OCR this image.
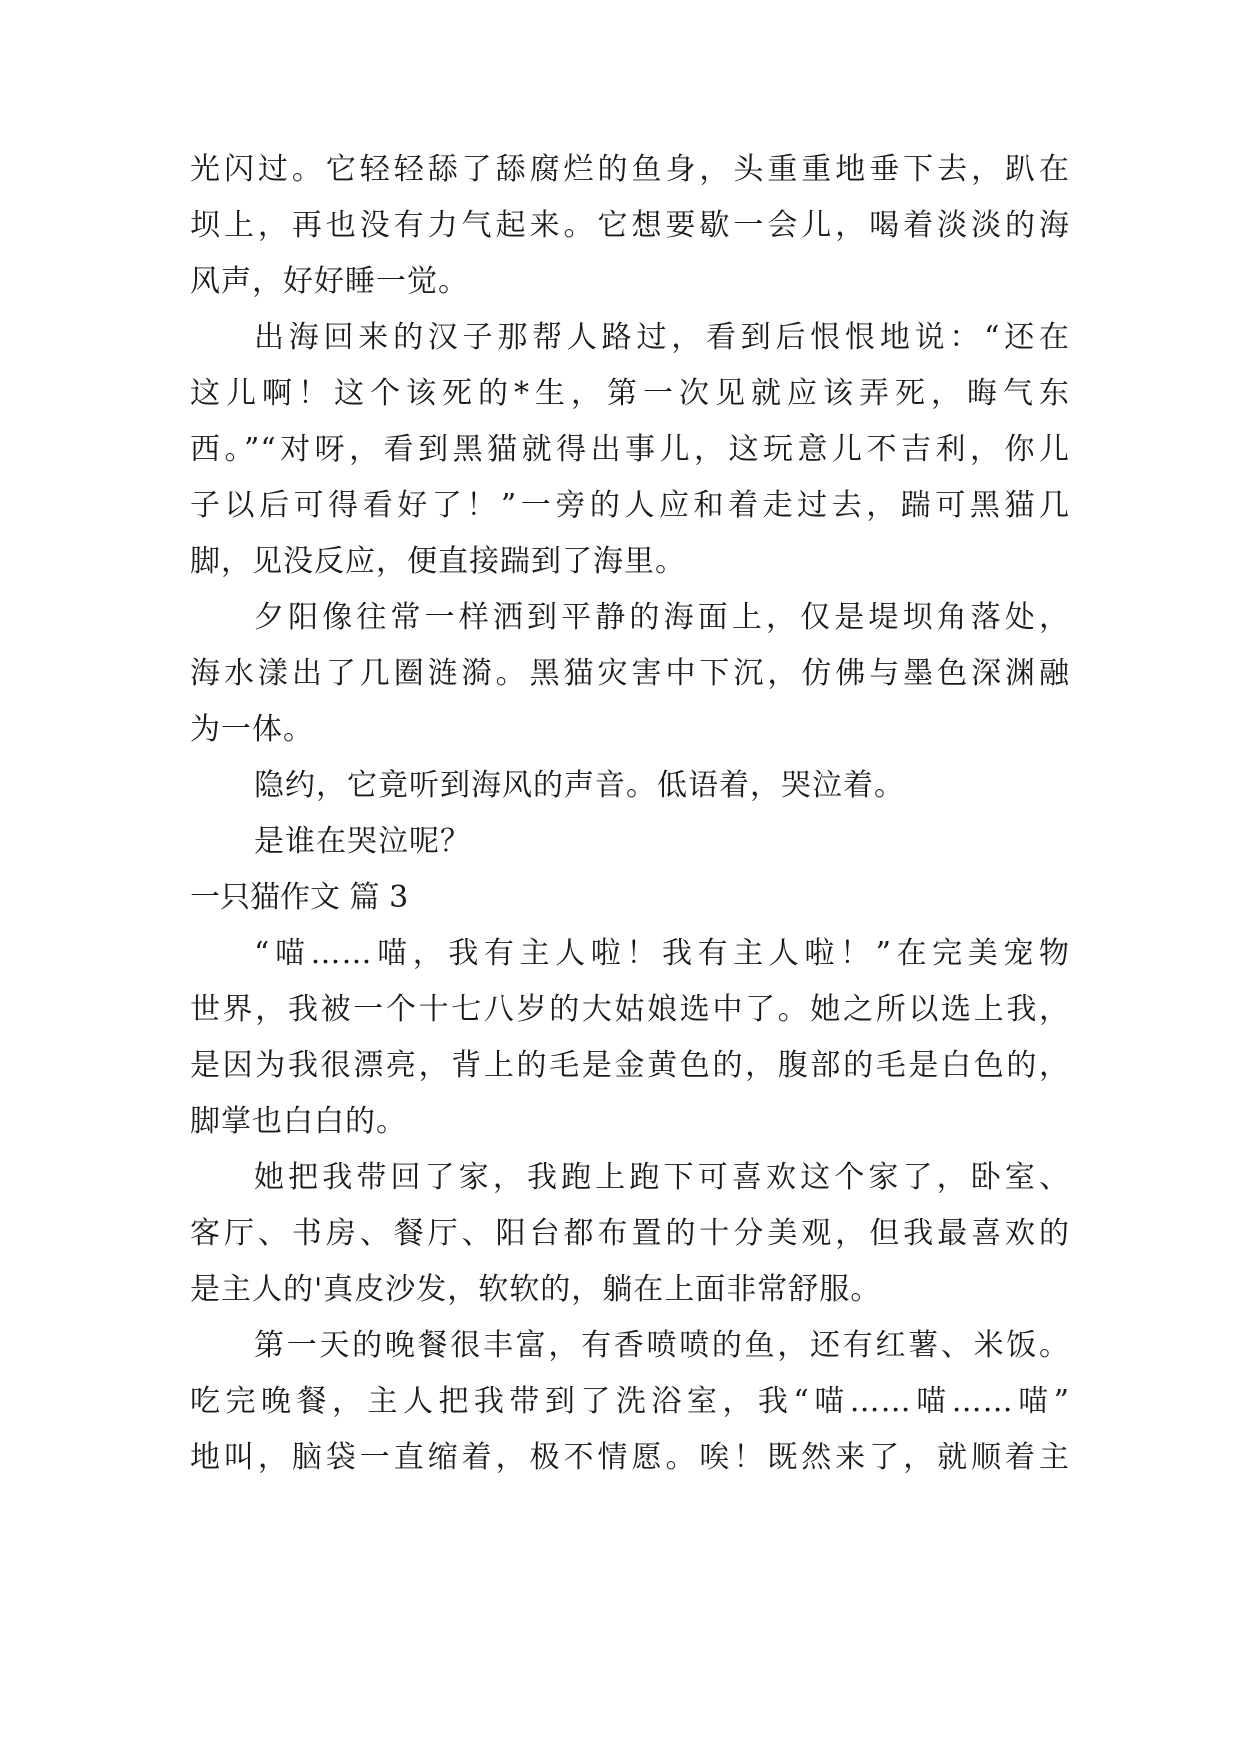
光闪过。它轻轻舔了舔腐烂的鱼身，头重重地垂下去，趴在
坝上，再也没有力气起来。它想要歇一会儿，喝着淡淡的海
风声，好好睡一觉。
出海回来的汉子那帮人路过，看到后恨恨地说：“还在
这儿啊！这个该死的*生，第一次见就应该弄死，晦气东
西。”“对呀，看到黑猫就得出事儿，这玩意儿不吉利，你儿
子以后可得看好了！”一旁的人应和着走过去，踹可黑猫几
脚，见没反应，便直接踹到了海里。
夕阳像往常一样洒到平静的海面上，仅是堤坝角落处，
海水漾出了几圈涟漪。黑猫灾害中下沉，仿佛与墨色深渊融
为一体。
隐约，它竟听到海风的声音。低语着，哭泣着。
是谁在哭泣呢？
一只猫作文 篇 3
“喵……喵，我有主人啦！我有主人啦！”在完美宠物
世界，我被一个十七八岁的大姑娘选中了。她之所以选上我，
是因为我很漂亮，背上的毛是金黄色的，腹部的毛是白色的，
脚掌也白白的。
她把我带回了家，我跑上跑下可喜欢这个家了，卧室、
客厅、书房、餐厅、阳台都布置的十分美观，但我最喜欢的
是主人的'真皮沙发，软软的，躺在上面非常舒服。
第一天的晚餐很丰富，有香喷喷的鱼，还有红薯、米饭。
吃完晚餐，主人把我带到了洗浴室，我“喵……喵……喵”
地叫，脑袋一直缩着，极不情愿。唉！既然来了，就顺着主
